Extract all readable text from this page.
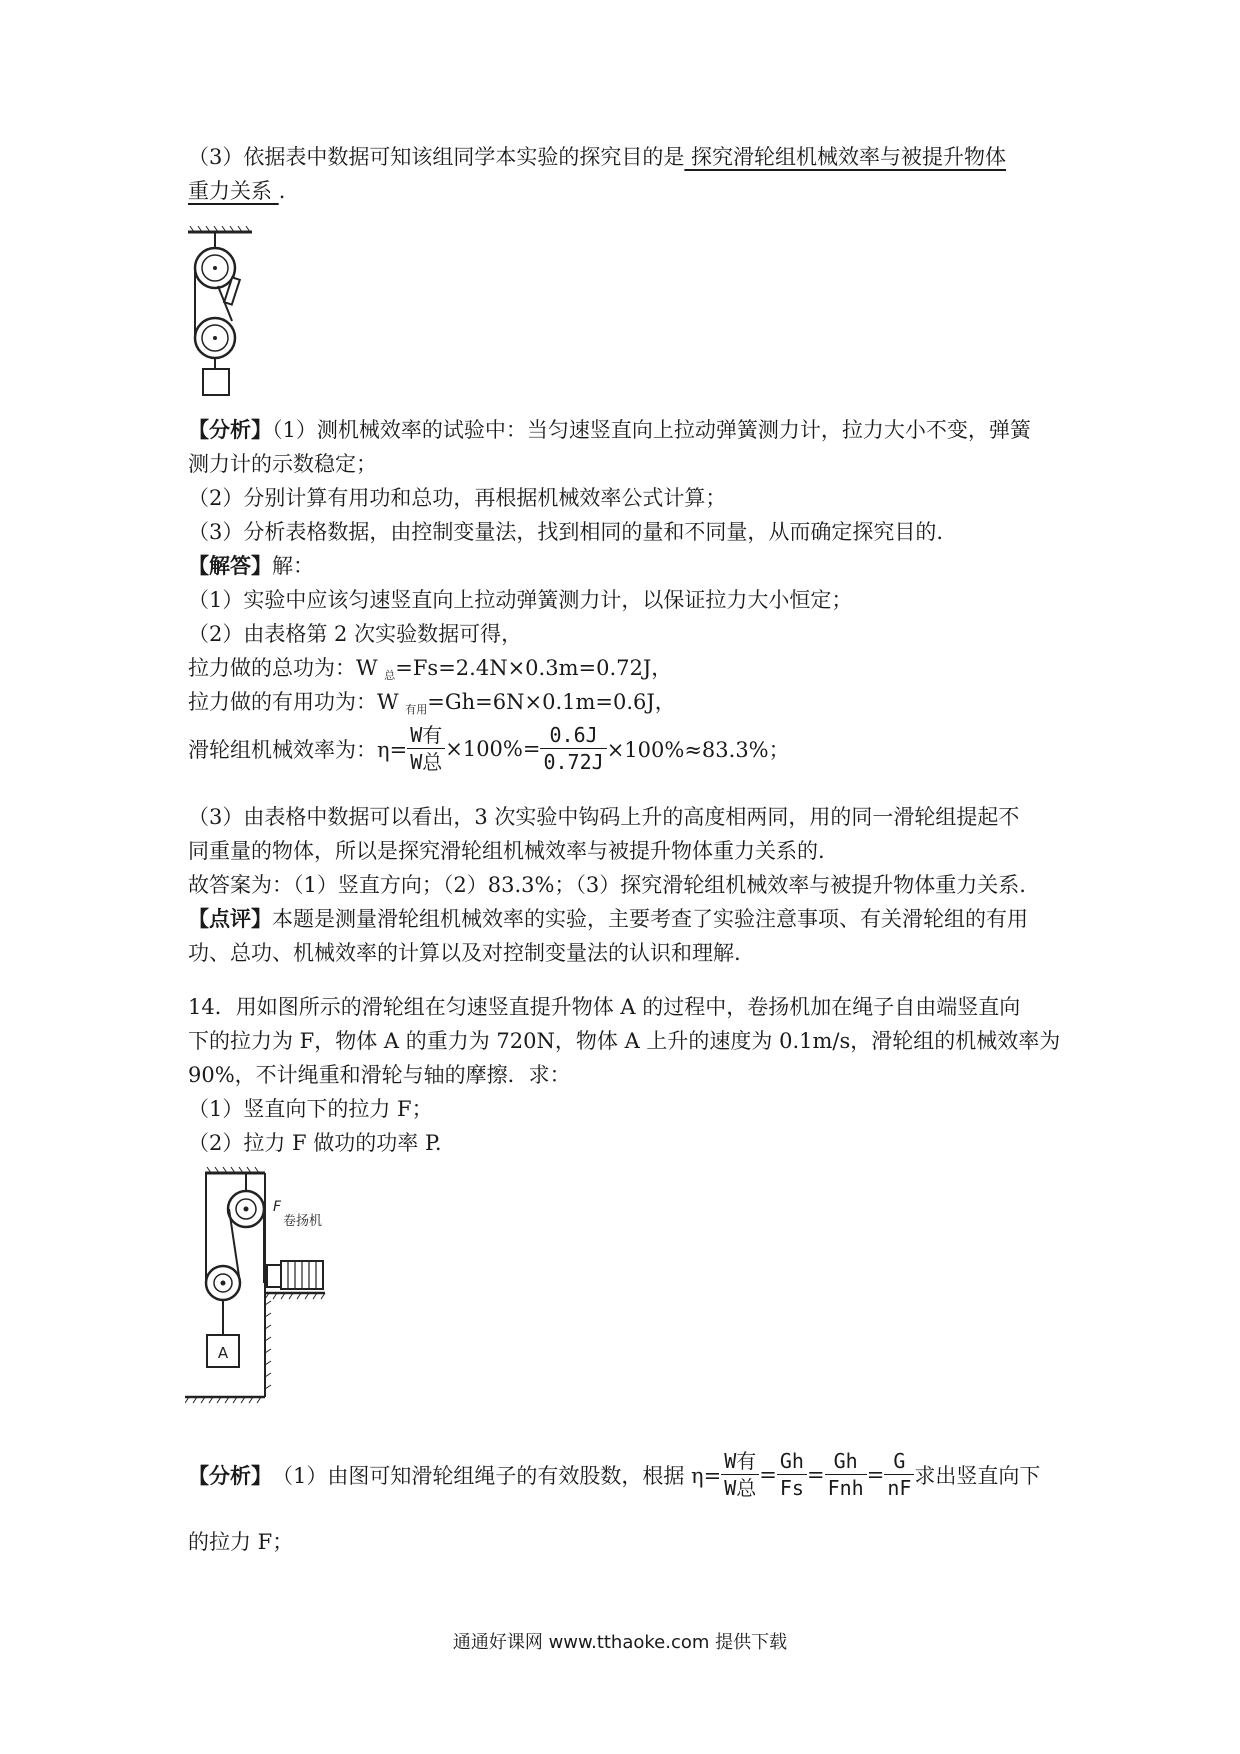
（3）依据表中数据可知该组同学本实验的探究目的是 探究滑轮组机械效率与被提升物体
重力关系 .
【分析】（1）测机械效率的试验中：当匀速竖直向上拉动弹簧测力计，拉力大小不变，弹簧
测力计的示数稳定；
（2）分别计算有用功和总功，再根据机械效率公式计算；
（3）分析表格数据，由控制变量法，找到相同的量和不同量，从而确定探究目的.
【解答】解：
（1）实验中应该匀速竖直向上拉动弹簧测力计，以保证拉力大小恒定；
（2）由表格第 2 次实验数据可得，
拉力做的总功为：W 总=Fs=2.4N×0.3m=0.72J，
拉力做的有用功为：W 有用=Gh=6N×0.1m=0.6J，
滑轮组机械效率为：$\eta= \frac{\text{W有}}{\text{W总}} \times 100\%= \frac{0.6J}{0.72J} \times 100\%\approx 83.3\%$；
（3）由表格中数据可以看出，3 次实验中钩码上升的高度相两同，用的同一滑轮组提起不
同重量的物体，所以是探究滑轮组机械效率与被提升物体重力关系的.
故答案为：（1）竖直方向；（2）83.3%；（3）探究滑轮组机械效率与被提升物体重力关系.
【点评】本题是测量滑轮组机械效率的实验，主要考查了实验注意事项、有关滑轮组的有用
功、总功、机械效率的计算以及对控制变量法的认识和理解.
14．用如图所示的滑轮组在匀速竖直提升物体 A 的过程中，卷扬机加在绳子自由端竖直向
下的拉力为 F，物体 A 的重力为 720N，物体 A 上升的速度为 0.1m/s，滑轮组的机械效率为
90%，不计绳重和滑轮与轴的摩擦．求：
（1）竖直向下的拉力 F；
（2）拉力 F 做功的功率 P.
A
F
卷扬机
【分析】 （1）由图可知滑轮组绳子的有效股数，根据 $\eta= \frac{\text{W有}}{\text{W总}} = \frac{Gh}{Fs} = \frac{Gh}{\text{Fnh}} = \frac{G}{nF}$ 求出竖直向下
的拉力 F；
通通好课网 www.tthaoke.com 提供下载
